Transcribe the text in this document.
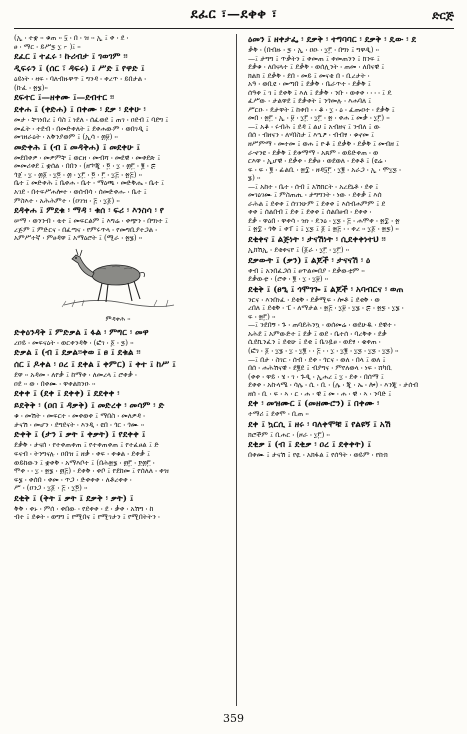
ደፈር ፣—ደቀቀ ፣	ድርጅ
(ኢ ፡ ተቋ ፡፡ ቁጠ ፡፡ ፶ ፡ በ ፡ ዝ ፡፡ ኢ ፤ ቀ ፡ ደ ፡
ፀ ፡ ማር ፡ ይሥ፯ ፲ ፦ )፤ ፡፡
ደፈር ፤ ተፈሩ ፡ ኩሪብታ ፤ ገወገም ፡፡
ዲፍሩን ፤ (ሰር ፣ ዳፍሩ) ፤ ሥድ ፤ የዋድ ፤
ዕይነት ፡ ዛፍ ፡ ባለብዙዋጥ ፤ ግንዳ ፡ ቀረጥ ፡ ይበታል ፡
(ኩፈ ፡ ፳፮)፡፡
ደፍተር ፤—ዘቀሙ ፤—ደብተር ፡፡
ደቀሐ ፤ (ቀድሐ) ፤ በቀሙ ፡ ደቃ ፡ ደቀሁ ፡
መታ ፡ ቸገነበረ ፤ ባስ ፤ ነደለ ፡ ሰፈወደ ፤ ጠገ ፡ ዐደብ ፤ ባደግ ፤
መፈት ፡ ተደብ ፡ በመድቀለት ፤ ደቀሐውም ፡ ወበገዲ ፤
መገዘራዕት ፡ አቅንያወም ፤ (ኢሳ ፡ ፴፱) ፡፡
መድቀሕ ፤ (ብ ፤ መዳቅሐ) ፤ መደቀሁ ፤
መደበቀዎ ፡ መዎምቸ ፤ ወርዘ ፡ መብሻ ፡ መደዊ ፡ መቀደጽ ፤
መመሪቀደ ፤ ቋሰል ፡ በበን ፡ (ዘኍጂ ፡ ፬ ፡ ፲ ፡ ፴፫ ፡ ፪ ፡ ፷
ጎጀ ፡ ፲ ፡ ፴፩ ፡ ፲፬ ፡ ፴ ፡ ፲፫ ፡ ፬ ፡ ፫ ፡ ፲፭ ፡ ፳፭) ፡፡
ቤተ ፤ መድቀሕ ፤ ቤቀሐ ፡ ቤተ ፡ ማዕጫ ፡ መድቅሔ ፡ ቤተ ፤
አገደ ፡ በተፍሥሐሎተ ፡ ወሰብሳ ፡ ሰመድቀሑ ፡ ቤተ ፤
ምስእተ ፡ አሕሕምተ ፡ (ዐገዝ ፡ ፭ ፡ ፲፩) ፡፡
ደዳቀሐ ፤ ምደቁ ፡ ማዳ ፡ ቁሰ ፡ ፍሪ ፡ እንስሳ ፡ የ
ሠማ ፡ ወንንብ ፡ ቴተ ፤ መፍርልም ፤ እግሬ ፡ ቀጭን ፡ በግነተ ፤
ረጅም ፤ ምድርና ፡ በፈጣና ፡ የምሩጥላ ፡ የመግቢያተጋል ፡
አምሥተኛ ፡ ምፀዳዋ ፤ አማዕሮት ፤ (ሚራ ፡ ፳፮) ፡፡
ምዳቀሕ ፡፡
ድቀዕንዳቅ ፤ ምድቃል ፤ ፋል ፡ ምግር ፡ መዋ
ረዐይ ፡ መፍናዕት ፡ ወርቀንዳቅ ፡ (ፎገ ፡ ፩ ፡ ፯) ፡፡
ድቃል ፤ (ብ ፤ ደቃል፡፡ቀወ ፤ ፀ ፤ ደቁል ፡፡
ሰር ፤ ዶቀል ፡ ዐረ ፤ ደቀል ፤ ቀምር) ፤ ቀተ ፤ ከሥ ፤
ደዋ ፡፡ አዳመ ፡ ለየቃ ፤ ከማቀ ፡ ለመረላ ፤ ሮቀቃ ፡
ዐደ ፡፡ ወ ፡ በቀሙ ፡ ዋቀልክንዑ ፡፡
ደቀቀ ፤ (ደቀ ፤ ደቀቀ) ፤ ደደቀቀ ፡
ይደቅቅ ፡ (ዐበ ፤ ዳቃቅ) ፤ መድረቀ ፡ መሳም ፡ ድ
ቁ ፡ መሽት ፡ መፍርተ ፡ መቀወቀ ፤ ማበስ ፡ መለዎዳ ፡
ታናሽ ፡ መሆን ፡ ደግደናት ፡ እንዲ ፡ ዩበ ፡ ጎር ፡ ጎሙ ፡፡
ድቀቅ ፤ (ታን ፤ ቃት ፤ ቀቃት) ፤ የደቀቀ ፤
ደቃቅ ፡ ታናሰ ፡ የተቀጠቀጠ ፤ የተቀጠቀጠ ፤ የተፈፀል ፤ ድ
ፍናብ ፡ ትንግናሉ ፡ ዐበዝ ፤ ዘቃ ፡ ቀፍ ፡ ቀቁል ፡ ደቀቃ ፤
ወይከውን ፤ ቋቀቅ ፡ አማእቦተ ፤ (በሕ፳፮ ፡ ፴፫ ፡ ፻፴፫ ፡
ሞቀ ፡ ፡ ፲ ፡ ፳፮ ፡ ፴፭) ፡ ደቀቅ ፡ ቀቦ ፤ የደከመ ፤ የሰለለ ፡ ቀዝ
ፍ፮ ፡ ቀሰበ ፡ ቀመ ፡ ጥጋ ፡ ድቀቀቀ ፡ ለቶረቀቀ ፡
ሥ ፡ (ዐንጋ ፡ ፲፩ ፡ ፭ ፡ ፲፬) ፡፡
ደቂቅ ፤ (ቅት ፤ ቃት ፤ ደቃቅ ፡ ቃት) ፤
ቅቅ ፡ ቀኑ ፡ ምሰ ፡ ቀበው ፡ የደቀቀ ፡ ደ ፡ ቃቀ ፡ አሽግ ፡ ከ
ብተ ፤ ደቁት ፡ ወግግ ፤ የሚበና ፤ የሚገታን ፤ የሚበትትን ፡
ዕመን ፤ ዘቀታፌ ፡ ደቃቅ ፡ ተግባባር ፡ ደቃቅ ፡ ዴው ፡ ደ
ቃቅ ፡ (በብዙ ፡ ፯ ፡ ኢ ፡ ዐዑ ፡ ፲፫ ፡ በግነ ፤ ግዋዲ) ፡፡
—፤ ታግግ ፤ ጥቃትን ፤ ቀመጠ ፤ ቀመጠንን ፤ ክንፍ ፤
ደቃቁ ፡ ለበናላተ ፤ ደቃቅ ፡ ወሰሊንት ፡ ጠመ ፡ ለበናዊ ፤
ክልክ ፤ ደቃቅ ፡ ደበ ፡ መይ ፤ መናቂ በ ፡ ቢረታት ፡
አዓ ፡ ወቢዩ ፡ መጣበ ፤ ደቃቅ ፡ ቤራጥተ ፡ ደቃቅ ፤
ሰዓቀ ፤ ገ ፤ ደቀቅ ፤ እለ ፤ ደቃቅ ፡ ንቡ ፡ ወቀቀ ፡ ፡ ፡ ፡ ፤ ዴ
ፈሥው ፡ ታልዋደ ፤ ደቃቀት ፤ ንጎመሉ ፡ እሐባለ ፤
ሥርዑ ፡ ዴታዋት ፤ ከቀበ ፡ ፡ ቆ ፡ ፲ ፡ ዕ ፡ ፈጡዐተ ፡ ደቃቅ ፤
መበ ፡ ፳፫ ፡ ኢ ፡ ፱ ፡ ፲፫ ፡ ፲፫ ፡ ፳ ፡ ቀሐ ፤ መቃ ፡ ፲፫) ፡፡
—፤ አቆ ፡ ሩብሕ ፤ ደዳ ፤ ልሀ ፤ አብዘና ፤ ንብለ ፤ ው
በሰ ፡ ብዘናን ፡ ለሃበስታ ፤ እኂፆ ፡ ብብፃ ፡ ቁኖመ ፤
ዘሥምማ ፡ መተመ ፤ ወሐ ፤ ዮቆ ፤ ደቃቅ ፡ ደቃቅ ፤ መብዘ ፤
ራኆንዩ ፡ ደቃቅ ፤ ደቱማማ ፡ አጸም ፡ ወይድቀጠ ፡ ወ
ርእዋ ፡ ኢሆዊ ፡ ደቃቀ ፡ ደቃፀ ፡ ወደወለ ፡ ደቀቶ ፤ (ዩሬ ፡
ፍ ፡ ፍ ፡ ፪ ፡ ፊልቢ ፡ ፳፰ ፡ ዘዳ፶፫ ፡ ፲፪ ፡ አራጋ ፡ ኢ ፡ ሞ፲፯ ፡
፮) ፡፡
—፤ አከተ ፡ ቤተ ፡ ሰብ ፤ አሽክርት ፡ አረደኒቶ ፡ ደቀ ፤
መገዕገሙ ፤ ምስጠጢ ፡ ታግግንት ፡ ነው ፡ ደቀቃ ፤ እሰ
ራሕል ፤ ደቀቀ ፤ ሰገንሁም ፤ ደቀቀ ፤ እሰብሐምም ፤ ደ
ቀቀ ፤ ሰልበብ ፤ ደቀ ፤ ደቀቀ ፤ ሰልበፀብ ፡ ደቀቀ ፡
ደቃ ፡ ዋዕበ ፡ ዋቀሳ ፡ ዝነ ፡ ዴንዕ ፡ ፲፯ ፡ ፭ ፡ ሐሞቀ ፡ ፳፰ ፡ ፳
፤ ፳፰ ፡ ጎቅ ፤ ቀፐ ፤ ፤ ፲፯ ፤ ፩ ፤ ፳፭ ፡ ፡ ቀረ ፡፡ ፲፩ ፡ ፳፯) ፡፡
ደቂቀና ፤ ልጅነት ፡ ታናሽነት ፡ ሲደቀቀነተህ ፡፡
ኢክሽኢ ፡ ደቂቀናየ ፤ (፩ራ ፡ ፲፫ ፡ ፲፫) ፡፡
ደቃውት ፤ (ቃን) ፤ ልጆች ፡ ታናናሽ ፡ ዕ
ቀብ ፤ አንበፈጋሰ ፤ ፀጥልመበያ ፡ ደቃውቲም ፡፡
ደቃውቲ ፡ (ሮቀ ፡ ፪ ፡ ፲ ፡ ፲፱) ፡፡
ደቂቅ ፤ (ፀዒ ፤ ጎሞገጐ ፤ ልጆች ፡ አባብርና ፡ ወጠ
ንርና ፡ እንበነፈ ፡ ደቂቅ ፡ ደቃሚፍ ፡ ሎቶ ፤ ደቂቅ ፡ ወ
ረበለ ፤ ደቂቅ ፡ ፒ ፡ ለማታል ፡ ፳፭ ፡ ፲፱ ፡ ፲፮ ፡ ፷ ፡ ፳፯ ፡ ፲፮ ፡
ፍ ፡ ፳፫) ፡፡
—፤ ንደበኝ ፡ ጉ ፡ ጠባደሕንኳ ፡ ወሰመሬ ፡ ወደሁዱ ፡ ደዊተ ፡
አሕደ ፤ አምውድተ ፤ ደቃ ፤ ወደ ፡ ቤተሰ ፡ ባረቅቀ ፡ ደቃ
ሲደኪንፈን ፤ ደቂሁ ፤ ደቂ ፤ ቤገዷፀ ፡ ወደፃ ፡ ቄቀጠ ፡
(ፎገ ፡ ፩ ፡ ፲፮ ፡ ፲ ፡ ፲፪ ፡ ፡ ፭ ፡ ፡ ፲ ፡ ፲፪ ፡ ፲፯ ፡ ፲፯ ፡ ፲፯) ፡፡
—፤ በታ ፡ ስገር ፡ ሰብ ፡ ደቀ ፡ ጎርና ፡ ወለ ፡ በላ ፤ ወለ ፤
በሰ ፡ ሐሕሽናዊ ፡ ደ፪ደ ፤ ብያግና ፡ ምየለወላ ፡ ነፍ ፡ ሸካቢ
(ቀቀ ፡ ዋይ ፡ ሄ ፡ ገ ፡ ጉዲ ፡ ኢሐረ ፤ ፲ ፡ ደቀ ፡ በሰማ ፤
ደቀቀ ፡ አኩላሜ ፡ ሳሌ ፡ ሲ ፡ ቢ ፡ (ሌ ፡ ጂ ፡ ኤ ፡ ሎ) ፡ እንጂ ፡ ታሰብ
ዘሰ ፡ ቢ ፡ ፍ ፡ ኣ ፡ ር ፡ ሐ ፡ ዊ ፤ መ ፡ ሐ ፡ ዊ ፡ ኣ ፡ ንባድ ፤
ደቀ ፡ መዝሙር ፤ (መዘሙሮን) ፤ በቀሙ ፡
ተማሪ ፤ ደቀሞ ፡ ቢጠ ፡፡
ደቀ ፤ ኳርሲ ፤ ዘሩ ፡ ባለቀሞቹ ፤ የልዩኝ ፤ አሽ
ክሮችም ፤ ቢሐር ፡ (ዞራ ፡ ፲፫) ፡፡
ደቂቃ ፤ (ብ ፤ ደቂቃ ፡ ዐረ ፤ ደቀቀት) ፤
በቀሙ ፤ ታናሽ ፤ የዪ ፡ አክፋል ፤ የሰዓት ፡ ወይም ፡ የኩክ
359
